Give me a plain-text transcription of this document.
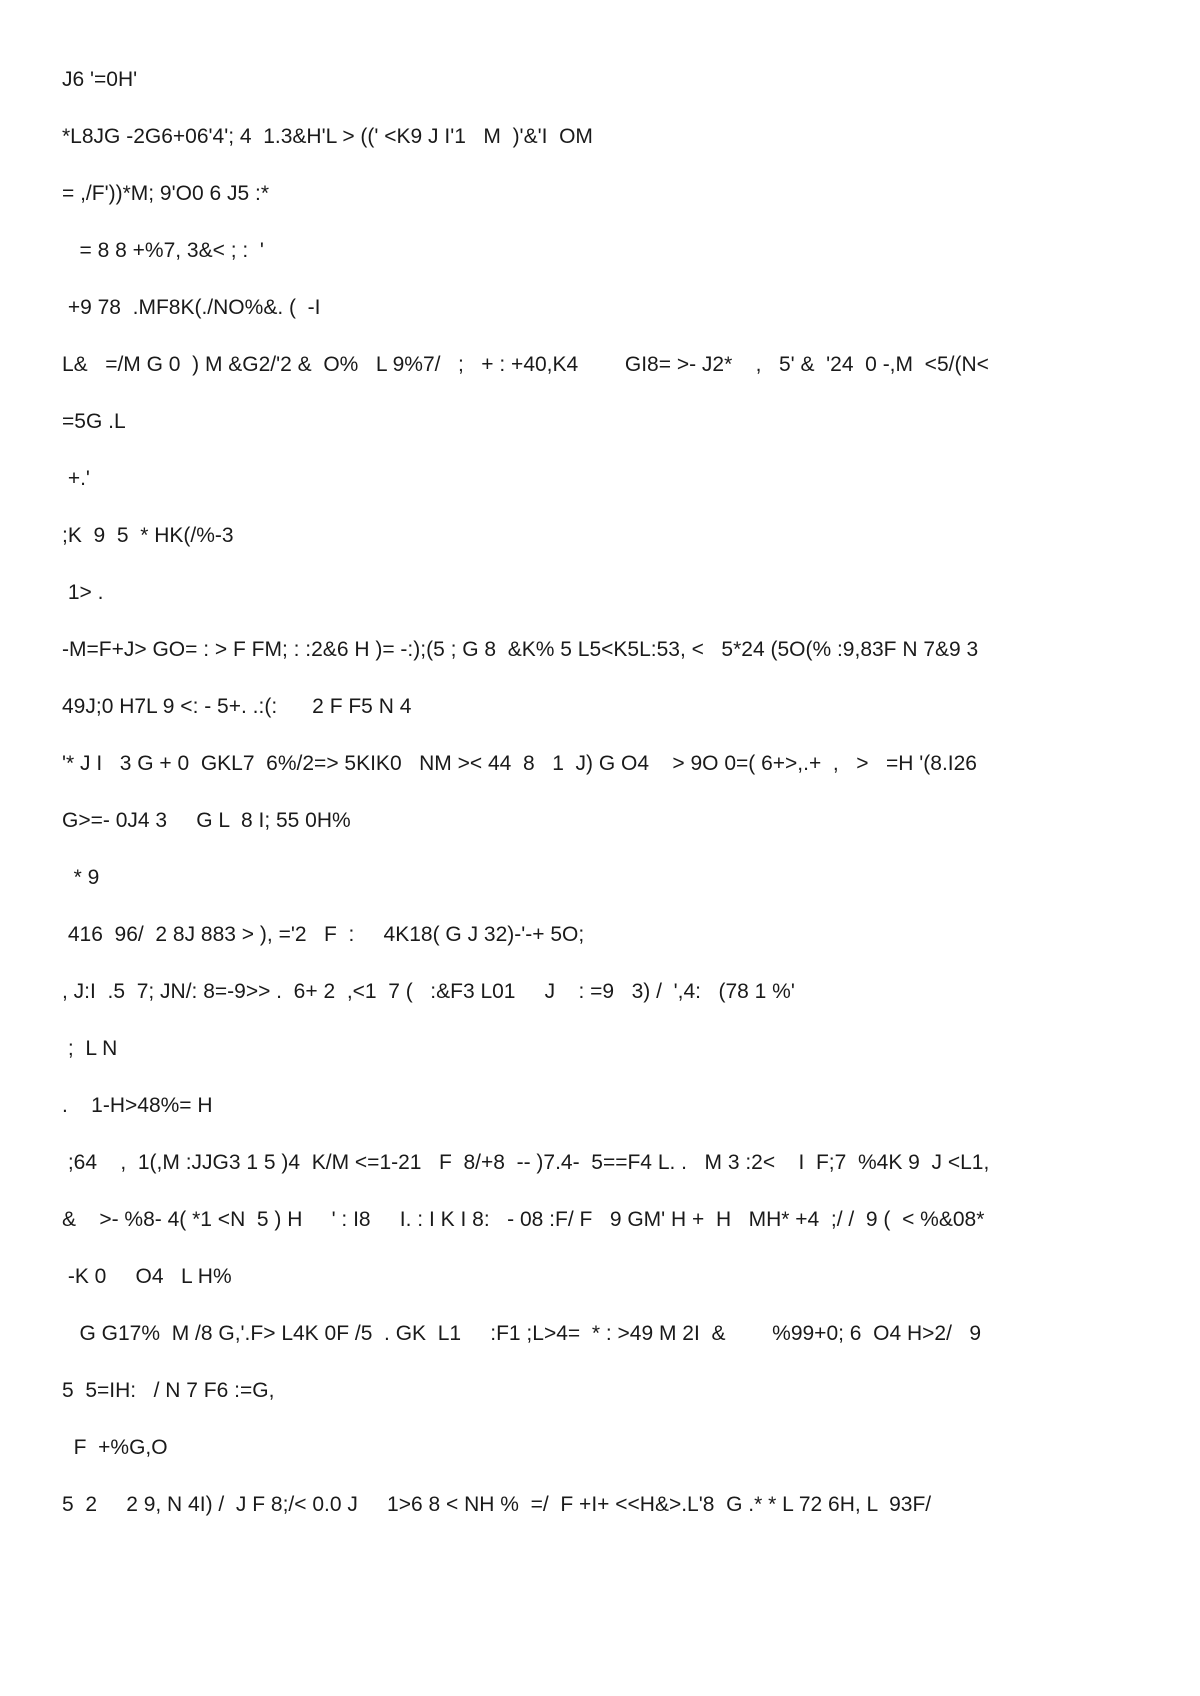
J6 '=0H'
*L8JG -2G6+06'4'; 4  1.3&H'L > ((' <K9 J I'1   M  )'&'I  OM
= ,/F'))*M; 9'O0 6 J5 :*
= 8 8 +%7, 3&< ; :  '
+9 78  .MF8K(./NO%&. (  -I
L&   =/M G 0  ) M &G2/'2 &  O%   L 9%7/   ;   + : +40,K4        GI8= >- J2*    ,   5' &  '24  0 -,M  <5/(N<
=5G .L
+.'
;K  9  5  * HK(/%-3
1> .
-M=F+J> GO= : > F FM; : :2&6 H )= -:);(5 ; G 8  &K% 5 L5<K5L:53, <   5*24 (5O(% :9,83F N 7&9 3
49J;0 H7L 9 <: - 5+. .:(:      2 F F5 N 4
'* J I   3 G + 0  GKL7  6%/2=> 5KIK0   NM >< 44  8   1  J) G O4    > 9O 0=( 6+>,.+  ,   >   =H '(8.I26
G>=- 0J4 3     G L  8 I; 55 0H%
* 9
416  96/  2 8J 883 > ), ='2   F  :     4K18( G J 32)-'-+ 5O;
, J:I  .5  7; JN/: 8=-9>> .  6+ 2  ,<1  7 (   :&F3 L01     J    : =9   3) /  ',4:   (78 1 %'
;  L N
.    1-H>48%= H
;64    ,  1(,M :JJG3 1 5 )4  K/M <=1-21   F  8/+8  -- )7.4-  5==F4 L. .   M 3 :2<    I  F;7  %4K 9  J <L1,
&    >- %8- 4( *1 <N  5 ) H     ' : I8     I. : I K I 8:   - 08 :F/ F   9 GM' H +  H   MH* +4  ;/ /  9 (  < %&08*
-K 0     O4   L H%
G G17%  M /8 G,'.F> L4K 0F /5  . GK  L1     :F1 ;L>4=  * : >49 M 2I  &        %99+0; 6  O4 H>2/   9
5  5=IH:   / N 7 F6 :=G,
F  +%G,O
5  2     2 9, N 4I) /  J F 8;/< 0.0 J     1>6 8 < NH %  =/  F +I+ <<H&>.L'8  G .* * L 72 6H, L  93F/
